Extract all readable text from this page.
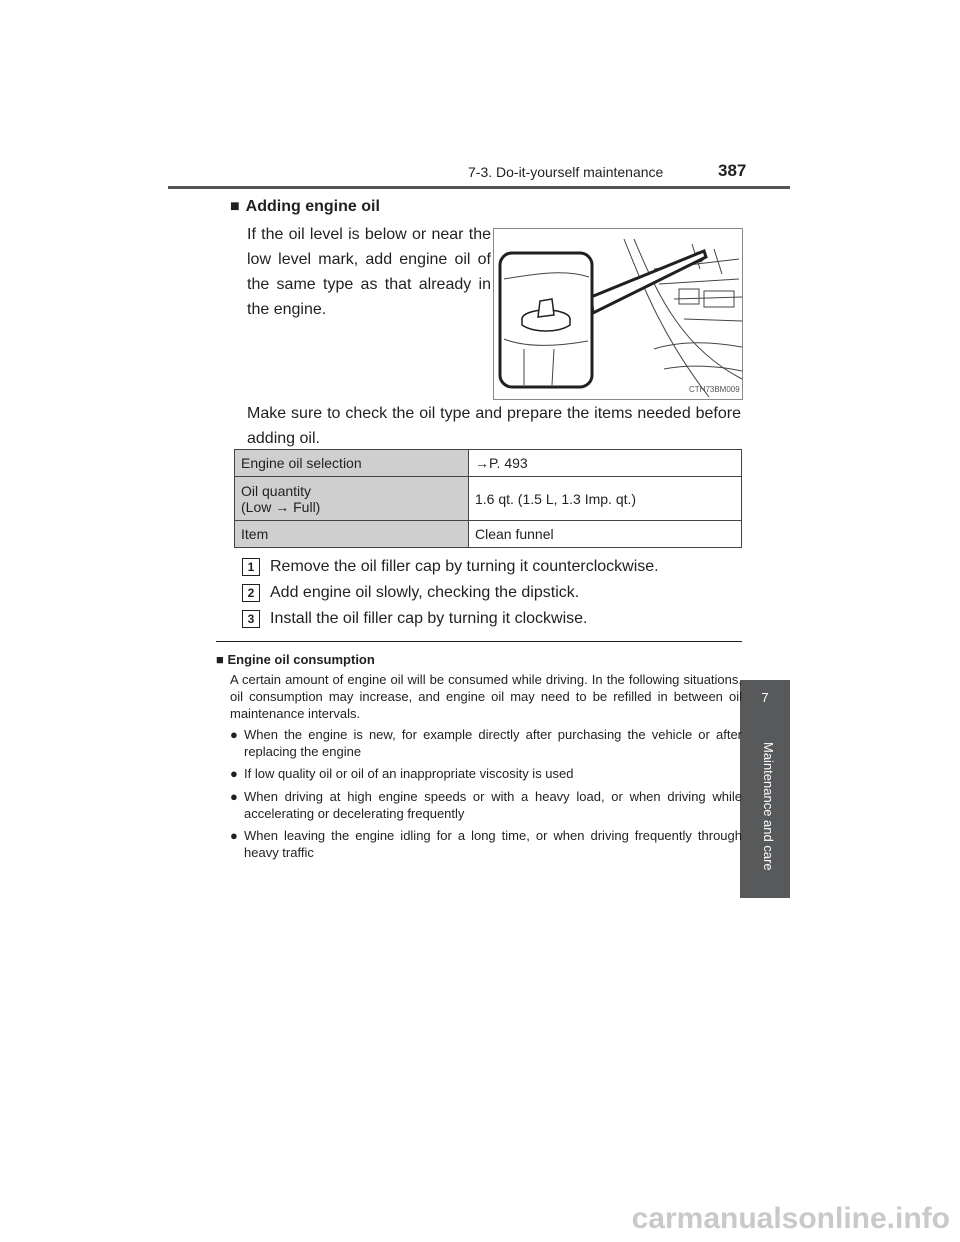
7-3. Do-it-yourself maintenance	387
7
Maintenance and care
■ Adding engine oil
If the oil level is below or near the low level mark, add engine oil of the same type as that already in the engine.
CTH73BM009
Make sure to check the oil type and prepare the items needed before adding oil.
Engine oil selection	→P. 493

Oil quantity
(Low → Full)	1.6 qt. (1.5 L, 1.3 Imp. qt.)
Item	Clean funnel
1 Remove the oil filler cap by turning it counterclockwise.
2 Add engine oil slowly, checking the dipstick.
3 Install the oil filler cap by turning it clockwise.
■ Engine oil consumption
A certain amount of engine oil will be consumed while driving. In the following situations, oil consumption may increase, and engine oil may need to be refilled in between oil maintenance intervals.
● When the engine is new, for example directly after purchasing the vehicle or after replacing the engine
● If low quality oil or oil of an inappropriate viscosity is used
● When driving at high engine speeds or with a heavy load, or when driving while accelerating or decelerating frequently
● When leaving the engine idling for a long time, or when driving frequently through heavy traffic
carmanualsonline.info
